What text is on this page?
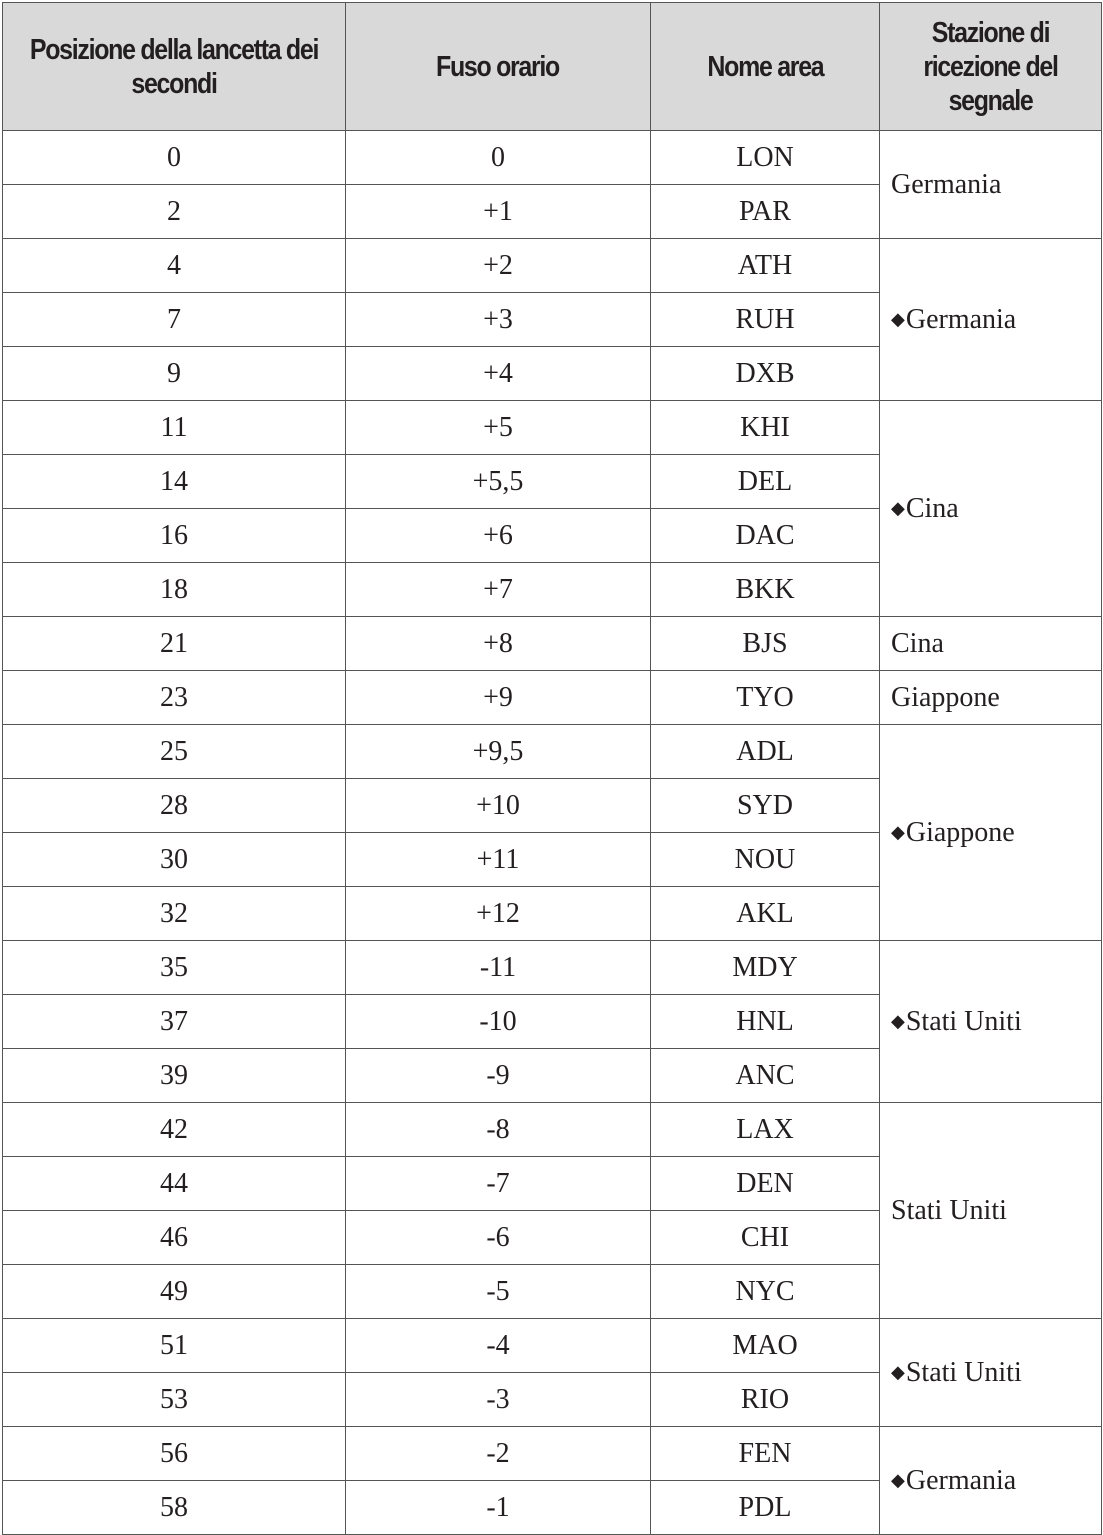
Posizione della lancetta dei secondi	Fuso orario	Nome area	Stazione di ricezione del segnale
0	0	LON	Germania
2	+1	PAR	
4	+2	ATH	◆Germania
7	+3	RUH	
9	+4	DXB	
11	+5	KHI	◆Cina
14	+5,5	DEL	
16	+6	DAC	
18	+7	BKK	
21	+8	BJS	Cina
23	+9	TYO	Giappone
25	+9,5	ADL	◆Giappone
28	+10	SYD	
30	+11	NOU	
32	+12	AKL	
35	-11	MDY	◆Stati Uniti
37	-10	HNL	
39	-9	ANC	
42	-8	LAX	Stati Uniti
44	-7	DEN	
46	-6	CHI	
49	-5	NYC	
51	-4	MAO	◆Stati Uniti
53	-3	RIO	
56	-2	FEN	◆Germania
58	-1	PDL	
